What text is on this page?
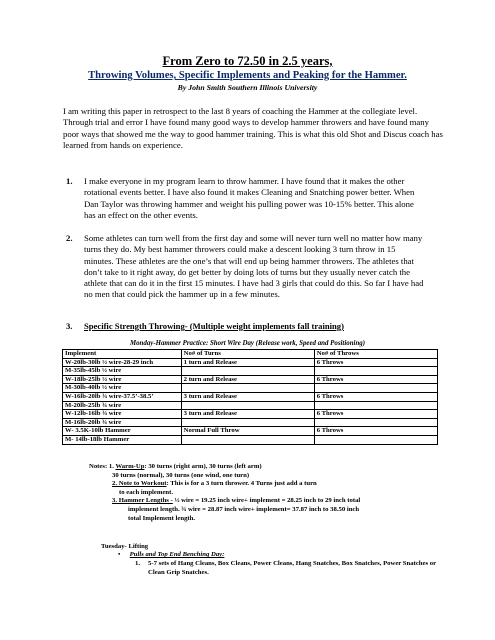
From Zero to 72.50 in 2.5 years,
Throwing Volumes, Specific Implements and Peaking for the Hammer.
By John Smith Southern Illinois University
I am writing this paper in retrospect to the last 8 years of coaching the Hammer at the collegiate level. Through trial and error I have found many good ways to develop hammer throwers and have found many poor ways that showed me the way to good hammer training. This is what this old Shot and Discus coach has learned from hands on experience.
1. I make everyone in my program learn to throw hammer. I have found that it makes the other rotational events better. I have also found it makes Cleaning and Snatching power better. When Dan Taylor was throwing hammer and weight his pulling power was 10-15% better. This alone has an effect on the other events.
2. Some athletes can turn well from the first day and some will never turn well no matter how many turns they do. My best hammer throwers could make a descent looking 3 turn throw in 15 minutes. These athletes are the one’s that will end up being hammer throwers. The athletes that don’t take to it right away, do get better by doing lots of turns but they usually never catch the athlete that can do it in the first 15 minutes. I have had 3 girls that could do this. So far I have had no men that could pick the hammer up in a few minutes.
3. Specific Strength Throwing- (Multiple weight implements fall training)
Monday-Hammer Practice: Short Wire Day (Release work, Speed and Positioning)
Implement	No# of Turns	No# of Throws
W-20lb-30lb ½ wire-28-29 inch	1 turn and Release	6 Throws
M-35lb-45lb ½ wire		
W-18lb-25lb ½ wire	2 turn and Release	6 Throws
M-30lb-40lb ½ wire		
W-16lb-20lb ¾ wire-37.5’-38.5’	3 turn and Release	6 Throws
M-20lb-25lb ¾ wire		
W-12lb-16lb ¾ wire	3 turn and Release	6 Throws
M-16lb-20lb ¾ wire		
W- 3.5K-10lb Hammer	Normal Full Throw	6 Throws
M- 14lb-18lb Hammer		
Notes: 1. Warm-Up: 30 turns (right arm), 30 turns (left arm)
30 turns (normal), 30 turns (one wind, one turn)
2. Note to Workout: This is for a 3 turn thrower. 4 Turns just add a turn
to each implement.
3. Hammer Lengths - ½ wire = 19.25 inch wire+ implement = 28.25 inch to 29 inch total
implement length. ¾ wire = 28.87 inch wire+ implement= 37.87 inch to 38.50 inch
total Implement length.
Tuesday- Lifting
• Pulls and Top End Benching Day:
1. 5-7 sets of Hang Cleans, Box Cleans, Power Cleans, Hang Snatches, Box Snatches, Power Snatches or Clean Grip Snatches.
